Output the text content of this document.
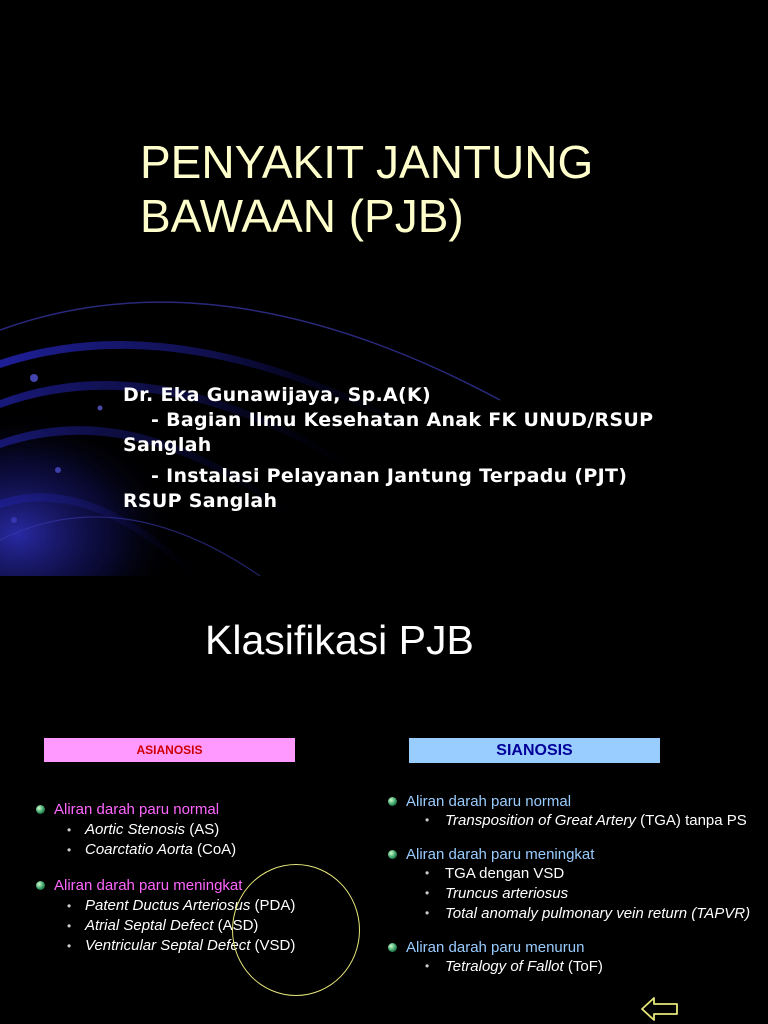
PENYAKIT JANTUNG BAWAAN (PJB)
Dr. Eka Gunawijaya, Sp.A(K)
- Bagian Ilmu Kesehatan Anak FK UNUD/RSUP
Sanglah
- Instalasi Pelayanan Jantung Terpadu (PJT)
RSUP Sanglah
Klasifikasi PJB
ASIANOSIS	SIANOSIS
Aliran darah paru normal
• Aortic Stenosis (AS)
• Coarctatio Aorta (CoA)
Aliran darah paru meningkat
• Patent Ductus Arteriosus (PDA)
• Atrial Septal Defect (ASD)
• Ventricular Septal Defect (VSD)
Aliran darah paru normal
• Transposition of Great Artery (TGA) tanpa PS
Aliran darah paru meningkat
• TGA dengan VSD
• Truncus arteriosus
• Total anomaly pulmonary vein return (TAPVR)
Aliran darah paru menurun
• Tetralogy of Fallot (ToF)
